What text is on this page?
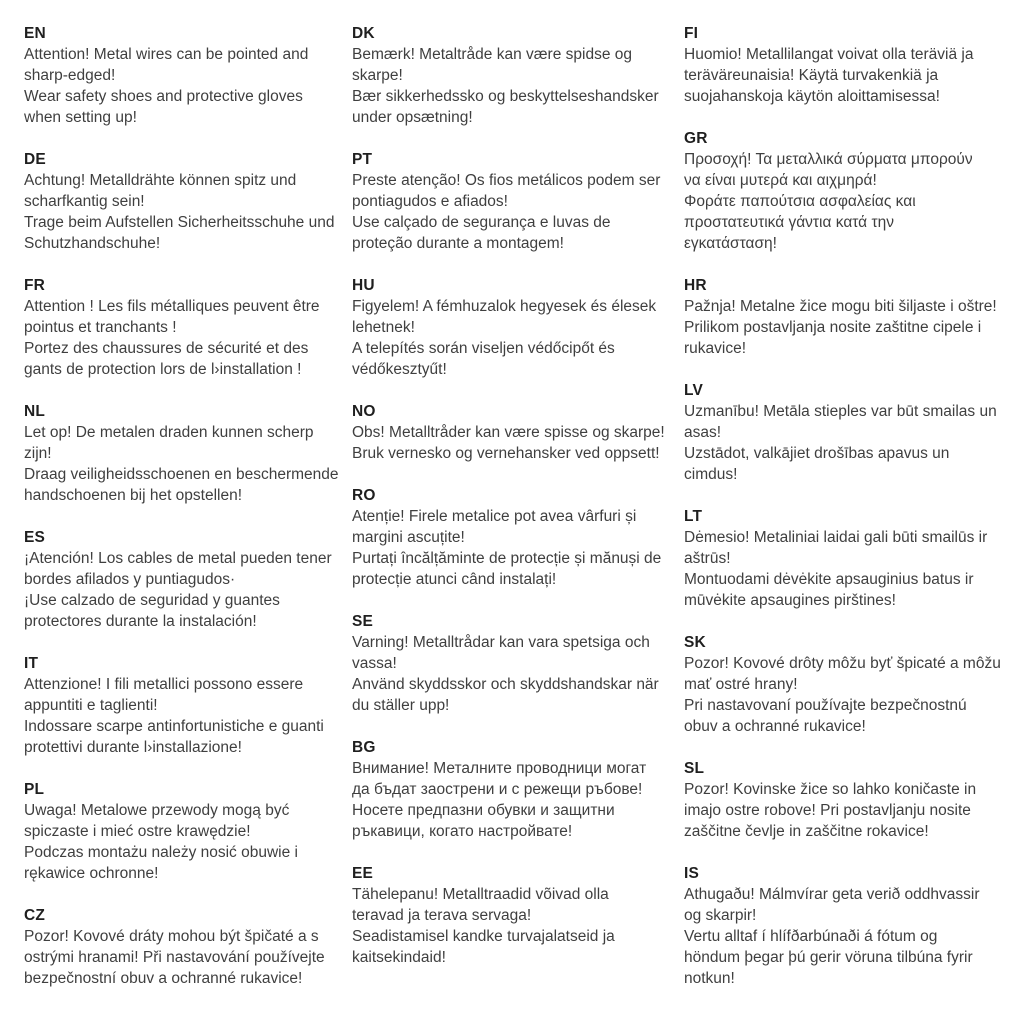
EN
Attention! Metal wires can be pointed and
sharp-edged!
Wear safety shoes and protective gloves
when setting up!
DE
Achtung! Metalldrähte können spitz und
scharfkantig sein!
Trage beim Aufstellen Sicherheitsschuhe und
Schutzhandschuhe!
FR
Attention ! Les fils métalliques peuvent être
pointus et tranchants !
Portez des chaussures de sécurité et des
gants de protection lors de l›installation !
NL
Let op! De metalen draden kunnen scherp
zijn!
Draag veiligheidsschoenen en beschermende
handschoenen bij het opstellen!
ES
¡Atención! Los cables de metal pueden tener
bordes afilados y puntiagudos·
¡Use calzado de seguridad y guantes
protectores durante la instalación!
IT
Attenzione! I fili metallici possono essere
appuntiti e taglienti!
Indossare scarpe antinfortunistiche e guanti
protettivi durante l›installazione!
PL
Uwaga! Metalowe przewody mogą być
spiczaste i mieć ostre krawędzie!
Podczas montażu należy nosić obuwie i
rękawice ochronne!
CZ
Pozor! Kovové dráty mohou být špičaté a s
ostrými hranami! Při nastavování používejte
bezpečnostní obuv a ochranné rukavice!
DK
Bemærk! Metaltråde kan være spidse og
skarpe!
Bær sikkerhedssko og beskyttelseshandsker
under opsætning!
PT
Preste atenção! Os fios metálicos podem ser
pontiagudos e afiados!
Use calçado de segurança e luvas de
proteção durante a montagem!
HU
Figyelem! A fémhuzalok hegyesek és élesek
lehetnek!
A telepítés során viseljen védőcipőt és
védőkesztyűt!
NO
Obs! Metalltråder kan være spisse og skarpe!
Bruk vernesko og vernehansker ved oppsett!
RO
Atenție! Firele metalice pot avea vârfuri și
margini ascuțite!
Purtați încălțăminte de protecție și mănuși de
protecție atunci când instalați!
SE
Varning! Metalltrådar kan vara spetsiga och
vassa!
Använd skyddsskor och skyddshandskar när
du ställer upp!
BG
Внимание! Металните проводници могат
да бъдат заострени и с режещи ръбове!
Носете предпазни обувки и защитни
ръкавици, когато настройвате!
EE
Tähelepanu! Metalltraadid võivad olla
teravad ja terava servaga!
Seadistamisel kandke turvajalatseid ja
kaitsekindaid!
FI
Huomio! Metallilangat voivat olla teräviä ja
teräväreunaisia! Käytä turvakenkiä ja
suojahanskoja käytön aloittamisessa!
GR
Προσοχή! Τα μεταλλικά σύρματα μπορούν
να είναι μυτερά και αιχμηρά!
Φοράτε παπούτσια ασφαλείας και
προστατευτικά γάντια κατά την
εγκατάσταση!
HR
Pažnja! Metalne žice mogu biti šiljaste i oštre!
Prilikom postavljanja nosite zaštitne cipele i
rukavice!
LV
Uzmanību! Metāla stieples var būt smailas un
asas!
Uzstādot, valkājiet drošības apavus un
cimdus!
LT
Dėmesio! Metaliniai laidai gali būti smailūs ir
aštrūs!
Montuodami dėvėkite apsauginius batus ir
mūvėkite apsaugines pirštines!
SK
Pozor! Kovové drôty môžu byť špicaté a môžu
mať ostré hrany!
Pri nastavovaní používajte bezpečnostnú
obuv a ochranné rukavice!
SL
Pozor! Kovinske žice so lahko koničaste in
imajo ostre robove! Pri postavljanju nosite
zaščitne čevlje in zaščitne rokavice!
IS
Athugaðu! Málmvírar geta verið oddhvassir
og skarpir!
Vertu alltaf í hlífðarbúnaði á fótum og
höndum þegar þú gerir vöruna tilbúna fyrir
notkun!
